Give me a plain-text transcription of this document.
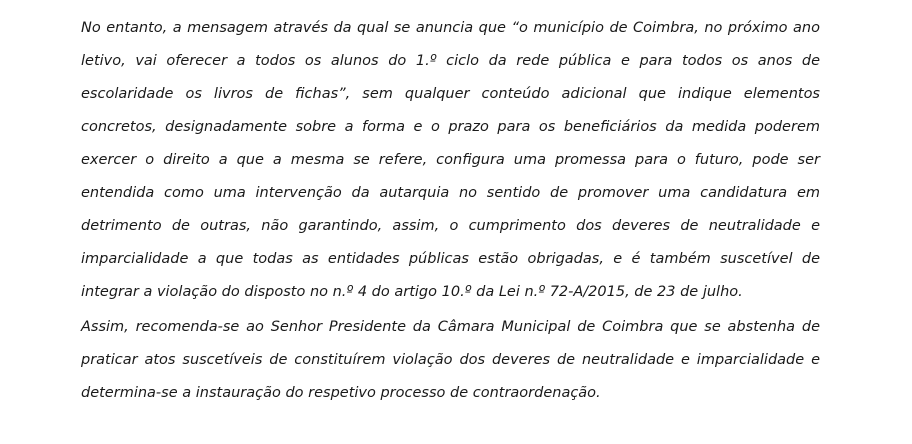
No entanto, a mensagem através da qual se anuncia que “o município de Coimbra, no próximo ano
letivo, vai oferecer a todos os alunos do 1.º ciclo da rede pública e para todos os anos de
escolaridade os livros de fichas”, sem qualquer conteúdo adicional que indique elementos
concretos, designadamente sobre a forma e o prazo para os beneficiários da medida poderem
exercer o direito a que a mesma se refere, configura uma promessa para o futuro, pode ser
entendida como uma intervenção da autarquia no sentido de promover uma candidatura em
detrimento de outras, não garantindo, assim, o cumprimento dos deveres de neutralidade e
imparcialidade a que todas as entidades públicas estão obrigadas, e é também suscetível de
integrar a violação do disposto no n.º 4 do artigo 10.º da Lei n.º 72-A/2015, de 23 de julho.

Assim, recomenda-se ao Senhor Presidente da Câmara Municipal de Coimbra que se abstenha de
praticar atos suscetíveis de constituírem violação dos deveres de neutralidade e imparcialidade e
determina-se a instauração do respetivo processo de contraordenação.
